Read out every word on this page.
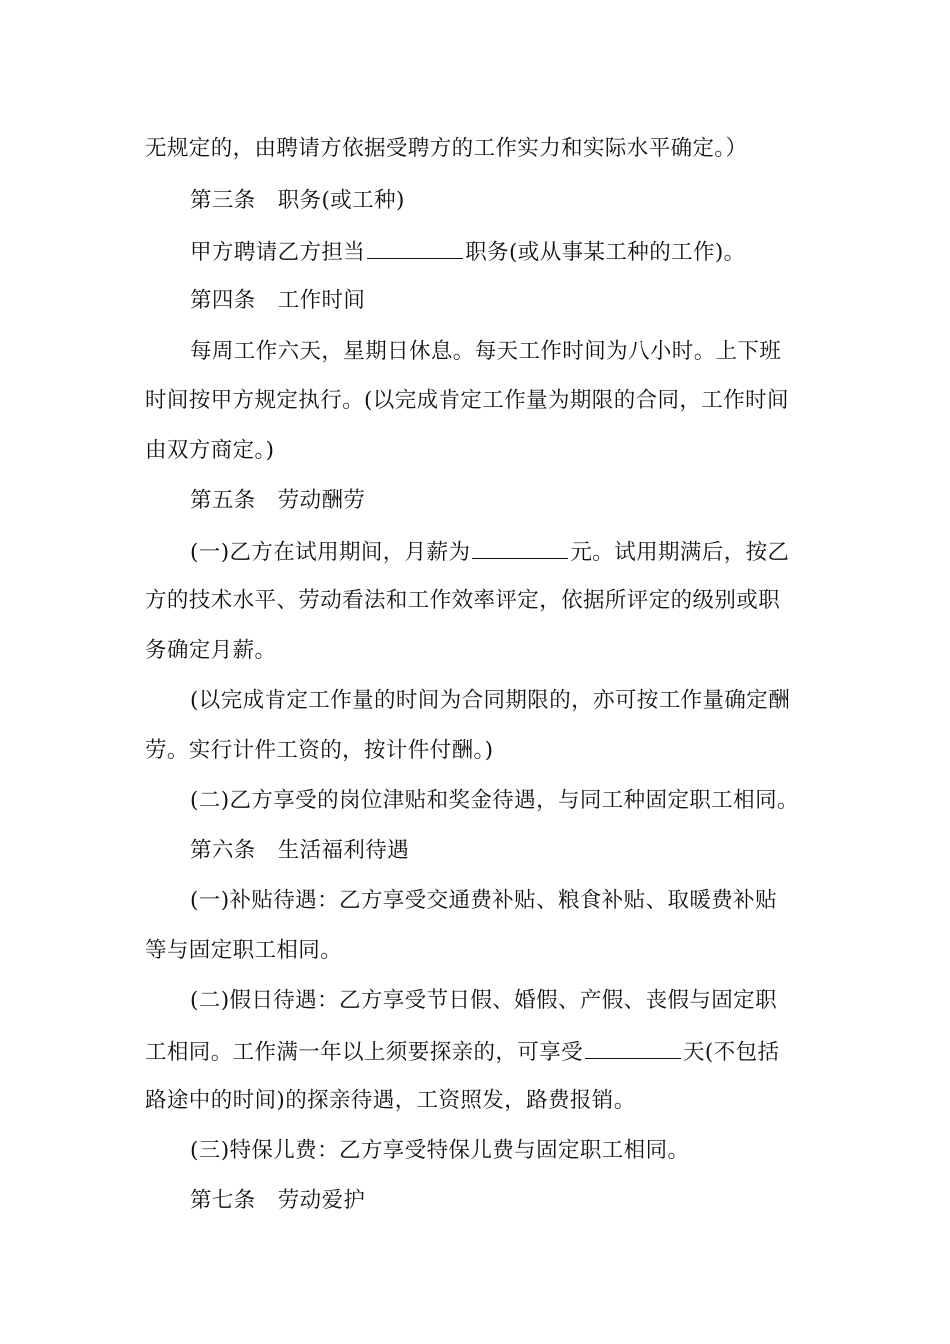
无规定的，由聘请方依据受聘方的工作实力和实际水平确定。）
第三条 职务(或工种)
甲方聘请乙方担当	职务(或从事某工种的工作)。
第四条 工作时间
每周工作六天，星期日休息。每天工作时间为八小时。上下班
时间按甲方规定执行。(以完成肯定工作量为期限的合同，工作时间
由双方商定。)
第五条 劳动酬劳
(一)乙方在试用期间，月薪为	元。试用期满后，按乙
方的技术水平、劳动看法和工作效率评定，依据所评定的级别或职
务确定月薪。
(以完成肯定工作量的时间为合同期限的，亦可按工作量确定酬
劳。实行计件工资的，按计件付酬。)
(二)乙方享受的岗位津贴和奖金待遇，与同工种固定职工相同。
第六条 生活福利待遇
(一)补贴待遇：乙方享受交通费补贴、粮食补贴、取暖费补贴
等与固定职工相同。
(二)假日待遇：乙方享受节日假、婚假、产假、丧假与固定职
工相同。工作满一年以上须要探亲的，可享受	天(不包括
路途中的时间)的探亲待遇，工资照发，路费报销。
(三)特保儿费：乙方享受特保儿费与固定职工相同。
第七条 劳动爱护
